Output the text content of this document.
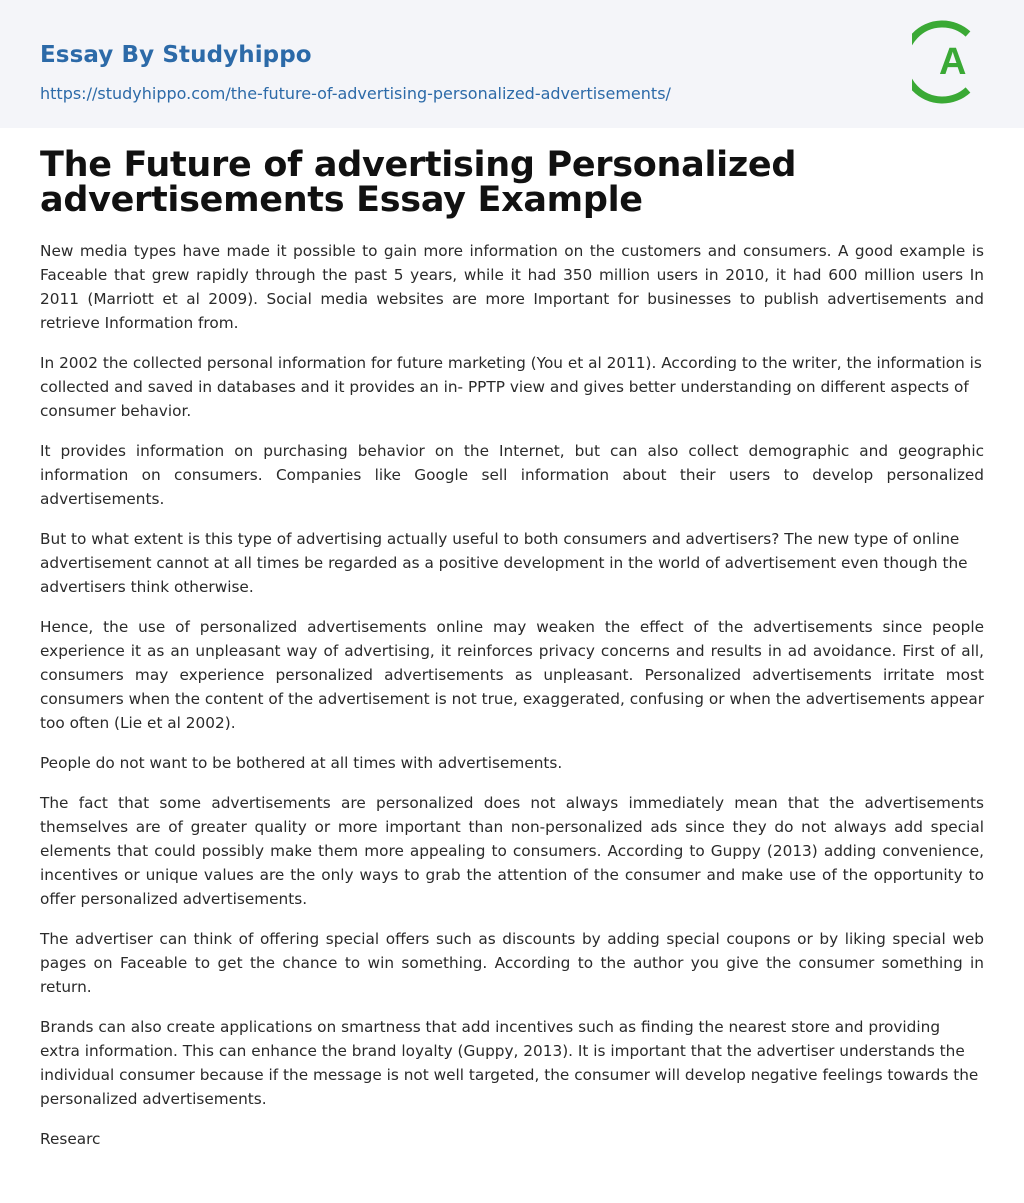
Essay By Studyhippo
https://studyhippo.com/the-future-of-advertising-personalized-advertisements/
A
The Future of advertising Personalized advertisements Essay Example

New media types have made it possible to gain more information on the customers and consumers. A good example is Faceable that grew rapidly through the past 5 years, while it had 350 million users in 2010, it had 600 million users In 2011 (Marriott et al 2009). Social media websites are more Important for businesses to publish advertisements and retrieve Information from.

In 2002 the collected personal information for future marketing (You et al 2011). According to the writer, the information is collected and saved in databases and it provides an in- PPTP view and gives better understanding on different aspects of consumer behavior.

It provides information on purchasing behavior on the Internet, but can also collect demographic and geographic information on consumers. Companies like Google sell information about their users to develop personalized advertisements.

But to what extent is this type of advertising actually useful to both consumers and advertisers? The new type of online advertisement cannot at all times be regarded as a positive development in the world of advertisement even though the advertisers think otherwise.

Hence, the use of personalized advertisements online may weaken the effect of the advertisements since people experience it as an unpleasant way of advertising, it reinforces privacy concerns and results in ad avoidance. First of all, consumers may experience personalized advertisements as unpleasant. Personalized advertisements irritate most consumers when the content of the advertisement is not true, exaggerated, confusing or when the advertisements appear too often (Lie et al 2002).

People do not want to be bothered at all times with advertisements.

The fact that some advertisements are personalized does not always immediately mean that the advertisements themselves are of greater quality or more important than non-personalized ads since they do not always add special elements that could possibly make them more appealing to consumers. According to Guppy (2013) adding convenience, incentives or unique values are the only ways to grab the attention of the consumer and make use of the opportunity to offer personalized advertisements.

The advertiser can think of offering special offers such as discounts by adding special coupons or by liking special web pages on Faceable to get the chance to win something. According to the author you give the consumer something in return.

Brands can also create applications on smartness that add incentives such as finding the nearest store and providing extra information. This can enhance the brand loyalty (Guppy, 2013). It is important that the advertiser understands the individual consumer because if the message is not well targeted, the consumer will develop negative feelings towards the personalized advertisements.

Researc
